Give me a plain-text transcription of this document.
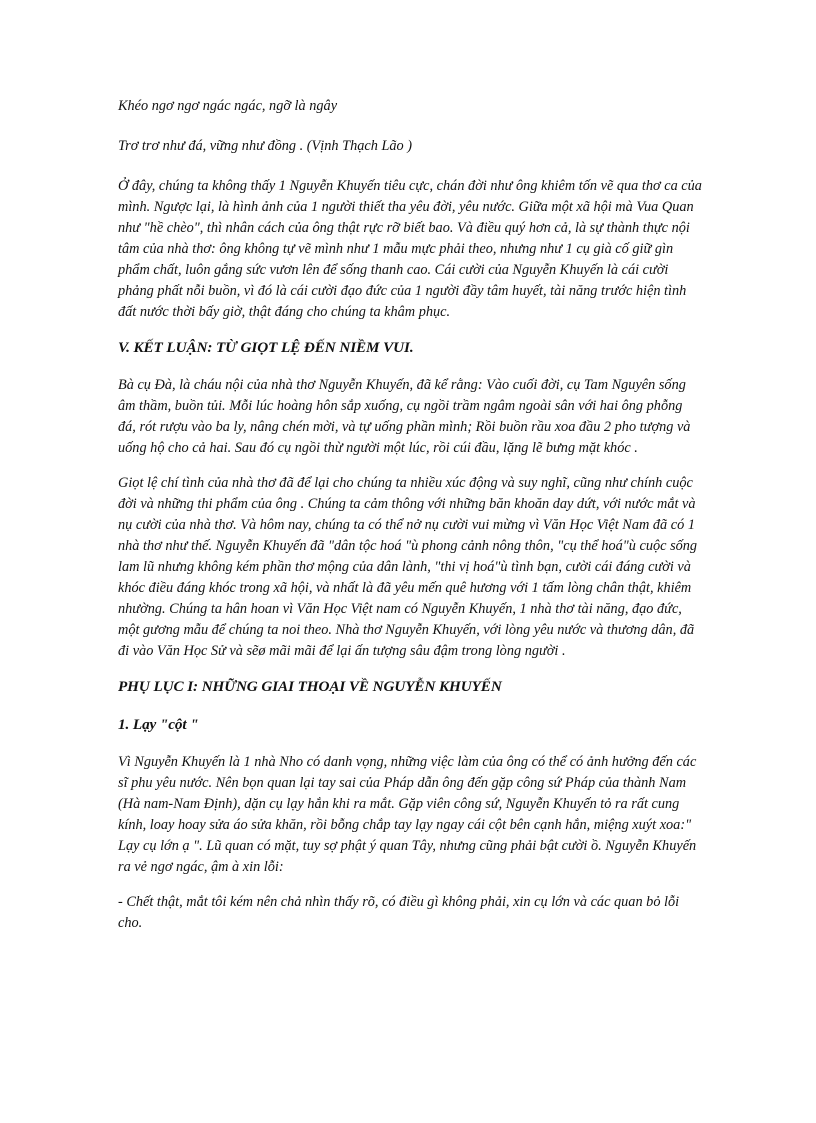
Khéo ngơ ngơ ngác ngác, ngỡ là ngây

Trơ trơ như đá, vững như đồng . (Vịnh Thạch Lão )

Ở đây, chúng ta không thấy 1 Nguyễn Khuyến tiêu cực, chán đời như ông khiêm tốn vẽ qua thơ ca của mình. Ngược lại, là hình ảnh của 1 người thiết tha yêu đời, yêu nước. Giữa một xã hội mà Vua Quan như "hề chèo", thì nhân cách của ông thật rực rỡ biết bao. Và điều quý hơn cả, là sự thành thực nội tâm của nhà thơ: ông không tự vẽ mình như 1 mẫu mực phải theo, nhưng như 1 cụ già cố giữ gìn phẩm chất, luôn gắng sức vươn lên để sống thanh cao. Cái cười của Nguyễn Khuyến là cái cười phảng phất nỗi buồn, vì đó là cái cười đạo đức của 1 người đầy tâm huyết, tài năng trước hiện tình đất nước thời bấy giờ, thật đáng cho chúng ta khâm phục.

V. KẾT LUẬN: TỪ GIỌT LỆ ĐẾN NIỀM VUI.

Bà cụ Đà, là cháu nội của nhà thơ Nguyễn Khuyến, đã kể rằng: Vào cuối đời, cụ Tam Nguyên sống âm thầm, buồn tủi. Mỗi lúc hoàng hôn sắp xuống, cụ ngồi trầm ngâm ngoài sân với hai ông phỗng đá, rót rượu vào ba ly, nâng chén mời, và tự uống phần mình; Rồi buồn rầu xoa đầu 2 pho tượng và uống hộ cho cả hai. Sau đó cụ ngồi thừ người một lúc, rồi cúi đầu, lặng lẽ bưng mặt khóc .

Giọt lệ chí tình của nhà thơ đã để lại cho chúng ta nhiều xúc động và suy nghĩ, cũng như chính cuộc đời và những thi phẩm của ông . Chúng ta cảm thông với những băn khoăn day dứt, với nước mắt và nụ cười của nhà thơ. Và hôm nay, chúng ta có thể nở nụ cười vui mừng vì Văn Học Việt Nam đã có 1 nhà thơ như thế. Nguyễn Khuyến đã "dân tộc hoá "ù phong cảnh nông thôn, "cụ thể hoá"ù cuộc sống lam lũ nhưng không kém phần thơ mộng của dân lành, "thi vị hoá"ù tình bạn, cười cái đáng cười và khóc điều đáng khóc trong xã hội, và nhất là đã yêu mến quê hương với 1 tấm lòng chân thật, khiêm nhường. Chúng ta hân hoan vì Văn Học Việt nam có Nguyễn Khuyến, 1 nhà thơ tài năng, đạo đức, một gương mẫu để chúng ta noi theo. Nhà thơ Nguyễn Khuyến, với lòng yêu nước và thương dân, đã đi vào Văn Học Sử và sẽø mãi mãi để lại ấn tượng sâu đậm trong lòng người .

PHỤ LỤC I: NHỮNG GIAI THOẠI VỀ NGUYỄN KHUYẾN
1. Lạy "cột "

Vì Nguyễn Khuyến là 1 nhà Nho có danh vọng, những việc làm của ông có thể có ảnh hưởng đến các sĩ phu yêu nước. Nên bọn quan lại tay sai của Pháp dẫn ông đến gặp công sứ Pháp của thành Nam (Hà nam-Nam Định), dặn cụ lạy hắn khi ra mắt. Gặp viên công sứ, Nguyễn Khuyến tỏ ra rất cung kính, loay hoay sửa áo sửa khăn, rồi bỗng chắp tay lạy ngay cái cột bên cạnh hắn, miệng xuýt xoa:" Lạy cụ lớn ạ ". Lũ quan có mặt, tuy sợ phật ý quan Tây, nhưng cũng phải bật cười ồ. Nguyễn Khuyến ra vẻ ngơ ngác, ậm à xin lỗi:

- Chết thật, mắt tôi kém nên chả nhìn thấy rõ, có điều gì không phải, xin cụ lớn và các quan bỏ lỗi cho.
